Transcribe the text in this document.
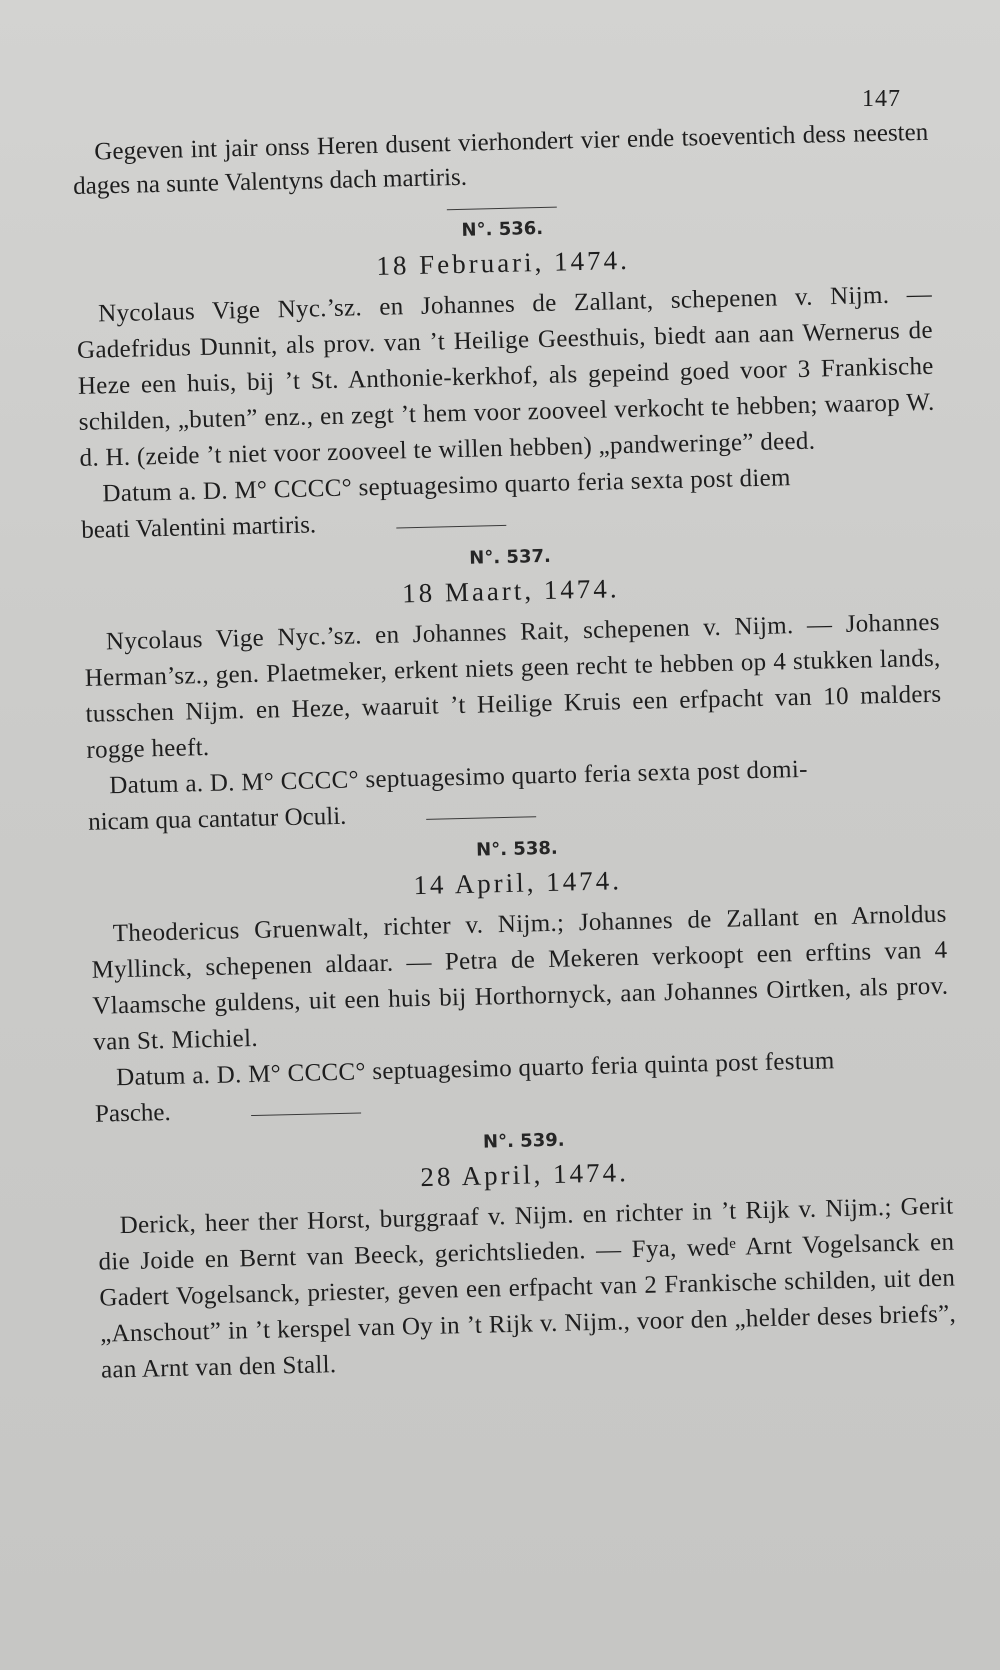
147

Gegeven int jair onss Heren dusent vierhondert vier ende tsoeventich dess neesten dages na sunte Valentyns dach martiris.

N°. 536.
18 Februari, 1474.

Nycolaus Vige Nyc.’sz. en Johannes de Zallant, schepenen v. Nijm. — Gadefridus Dunnit, als prov. van ’t Heilige Geesthuis, biedt aan aan Wernerus de Heze een huis, bij ’t St. Anthonie-kerkhof, als gepeind goed voor 3 Frankische schilden, „buten” enz., en zegt ’t hem voor zooveel verkocht te hebben; waarop W. d. H. (zeide ’t niet voor zooveel te willen hebben) „pandweringe” deed.

Datum a. D. M° CCCC° septuagesimo quarto feria sexta post diem

beati Valentini martiris.
N°. 537.
18 Maart, 1474.

Nycolaus Vige Nyc.’sz. en Johannes Rait, schepenen v. Nijm. — Johannes Herman’sz., gen. Plaetmeker, erkent niets geen recht te hebben op 4 stukken lands, tusschen Nijm. en Heze, waaruit ’t Heilige Kruis een erfpacht van 10 malders rogge heeft.

Datum a. D. M° CCCC° septuagesimo quarto feria sexta post domi-

nicam qua cantatur Oculi.
N°. 538.
14 April, 1474.

Theodericus Gruenwalt, richter v. Nijm.; Johannes de Zallant en Arnoldus Myllinck, schepenen aldaar. — Petra de Mekeren verkoopt een erftins van 4 Vlaamsche guldens, uit een huis bij Horthornyck, aan Johannes Oirtken, als prov. van St. Michiel.

Datum a. D. M° CCCC° septuagesimo quarto feria quinta post festum

Pasche.
N°. 539.
28 April, 1474.

Derick, heer ther Horst, burggraaf v. Nijm. en richter in ’t Rijk v. Nijm.; Gerit die Joide en Bernt van Beeck, gerichtslieden. — Fya, wedᵉ Arnt Vogelsanck en Gadert Vogelsanck, priester, geven een erfpacht van 2 Frankische schilden, uit den „Anschout” in ’t kerspel van Oy in ’t Rijk v. Nijm., voor den „helder deses briefs”, aan Arnt van den Stall.
